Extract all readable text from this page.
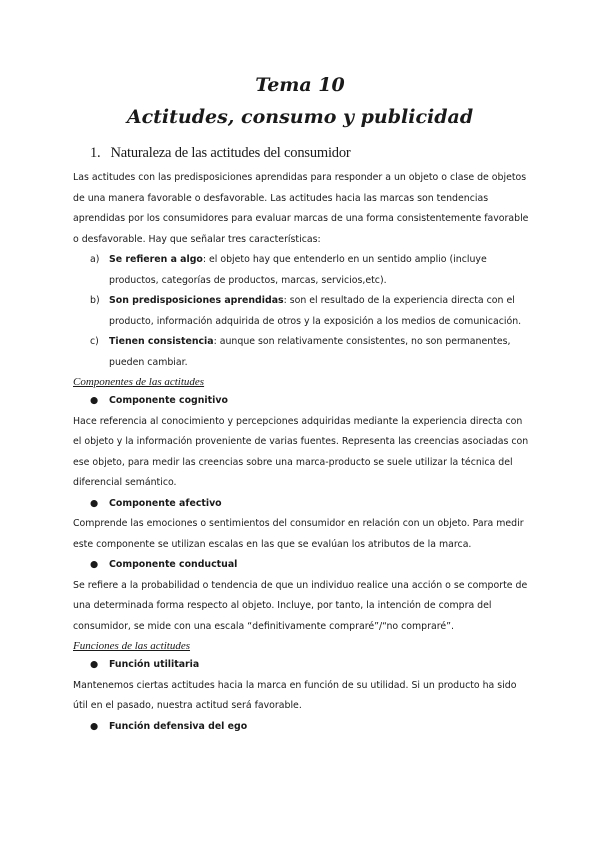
Tema 10
Actitudes, consumo y publicidad
1. Naturaleza de las actitudes del consumidor

Las actitudes con las predisposiciones aprendidas para responder a un objeto o clase de objetos de una manera favorable o desfavorable. Las actitudes hacia las marcas son tendencias aprendidas por los consumidores para evaluar marcas de una forma consistentemente favorable o desfavorable. Hay que señalar tres características:

a) Se refieren a algo: el objeto hay que entenderlo en un sentido amplio (incluye productos, categorías de productos, marcas, servicios,etc).
b) Son predisposiciones aprendidas: son el resultado de la experiencia directa con el producto, información adquirida de otros y la exposición a los medios de comunicación.
c) Tienen consistencia: aunque son relativamente consistentes, no son permanentes, pueden cambiar.
Componentes de las actitudes
● Componente cognitivo

Hace referencia al conocimiento y percepciones adquiridas mediante la experiencia directa con el objeto y la información proveniente de varias fuentes. Representa las creencias asociadas con ese objeto, para medir las creencias sobre una marca-producto se suele utilizar la técnica del diferencial semántico.

● Componente afectivo

Comprende las emociones o sentimientos del consumidor en relación con un objeto. Para medir este componente se utilizan escalas en las que se evalúan los atributos de la marca.

● Componente conductual

Se refiere a la probabilidad o tendencia de que un individuo realice una acción o se comporte de una determinada forma respecto al objeto. Incluye, por tanto, la intención de compra del consumidor, se mide con una escala “definitivamente compraré”/“no compraré”.

Funciones de las actitudes
● Función utilitaria

Mantenemos ciertas actitudes hacia la marca en función de su utilidad. Si un producto ha sido útil en el pasado, nuestra actitud será favorable.

● Función defensiva del ego
